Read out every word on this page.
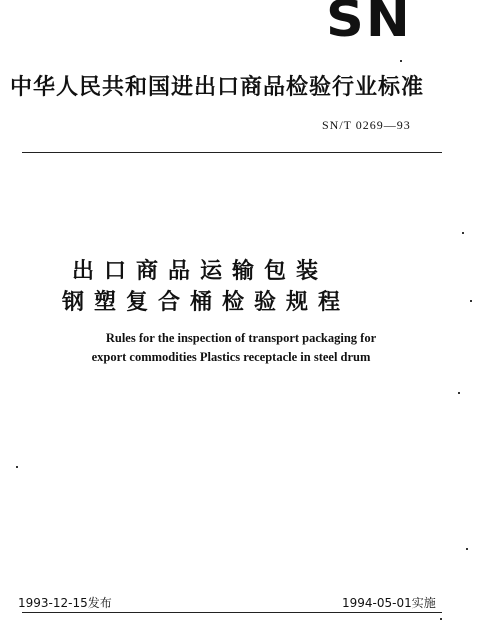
SN
中华人民共和国进出口商品检验行业标准
SN/T 0269—93
出口商品运输包装
钢塑复合桶检验规程
Rules for the inspection of transport packaging for
export commodities Plastics receptacle in steel drum
1993-12-15发布	1994-05-01实施
